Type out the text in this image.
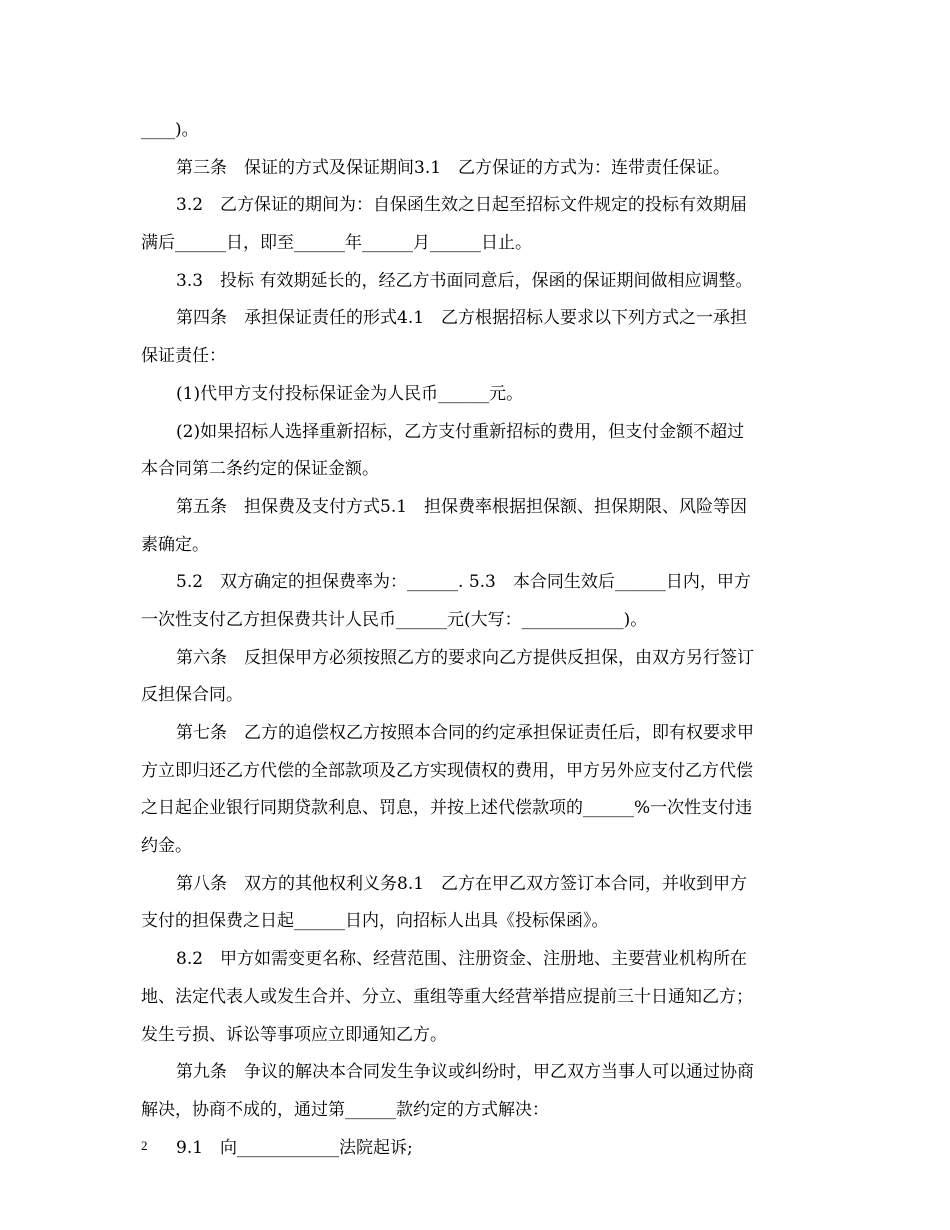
____)。
第三条　保证的方式及保证期间3.1　乙方保证的方式为：连带责任保证。
3.2　乙方保证的期间为：自保函生效之日起至招标文件规定的投标有效期届
满后______日，即至______年______月______日止。
3.3　投标 有效期延长的，经乙方书面同意后，保函的保证期间做相应调整。
第四条　承担保证责任的形式4.1　乙方根据招标人要求以下列方式之一承担
保证责任：
(1)代甲方支付投标保证金为人民币______元。
(2)如果招标人选择重新招标，乙方支付重新招标的费用，但支付金额不超过
本合同第二条约定的保证金额。
第五条　担保费及支付方式5.1　担保费率根据担保额、担保期限、风险等因
素确定。
5.2　双方确定的担保费率为：______. 5.3　本合同生效后______日内，甲方
一次性支付乙方担保费共计人民币______元(大写：____________)。
第六条　反担保甲方必须按照乙方的要求向乙方提供反担保，由双方另行签订
反担保合同。
第七条　乙方的追偿权乙方按照本合同的约定承担保证责任后，即有权要求甲
方立即归还乙方代偿的全部款项及乙方实现债权的费用，甲方另外应支付乙方代偿
之日起企业银行同期贷款利息、罚息，并按上述代偿款项的______%一次性支付违
约金。
第八条　双方的其他权利义务8.1　乙方在甲乙双方签订本合同，并收到甲方
支付的担保费之日起______日内，向招标人出具《投标保函》。
8.2　甲方如需变更名称、经营范围、注册资金、注册地、主要营业机构所在
地、法定代表人或发生合并、分立、重组等重大经营举措应提前三十日通知乙方；
发生亏损、诉讼等事项应立即通知乙方。
第九条　争议的解决本合同发生争议或纠纷时，甲乙双方当事人可以通过协商
解决，协商不成的，通过第______款约定的方式解决：
9.1　向____________法院起诉;
2
